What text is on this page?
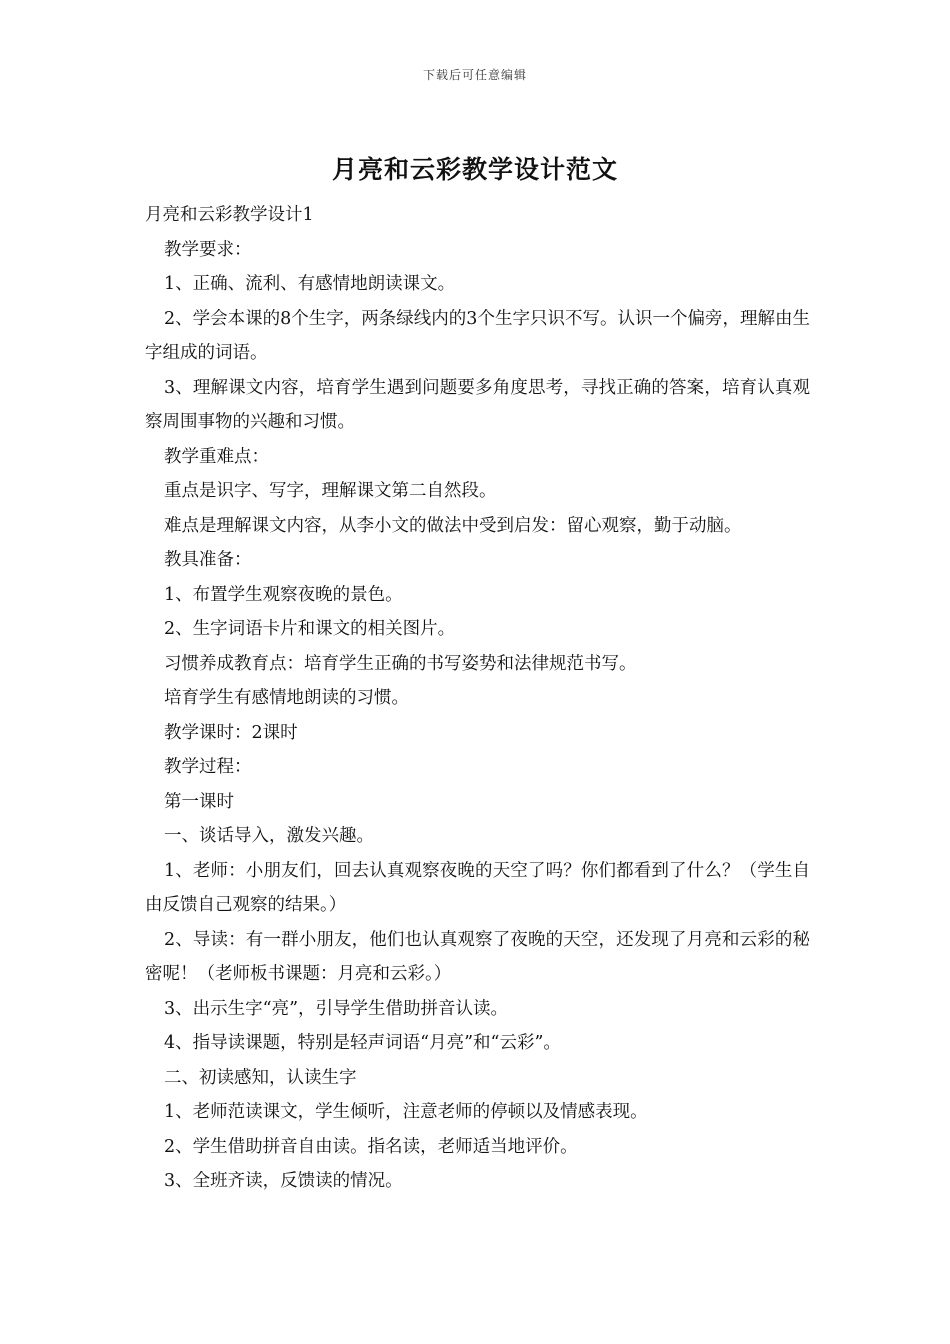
下载后可任意编辑
月亮和云彩教学设计范文

月亮和云彩教学设计1

教学要求：

1、正确、流利、有感情地朗读课文。

2、学会本课的8个生字，两条绿线内的3个生字只识不写。认识一个偏旁，理解由生字组成的词语。

3、理解课文内容，培育学生遇到问题要多角度思考，寻找正确的答案，培育认真观察周围事物的兴趣和习惯。

教学重难点：

重点是识字、写字，理解课文第二自然段。

难点是理解课文内容，从李小文的做法中受到启发：留心观察，勤于动脑。

教具准备：

1、布置学生观察夜晚的景色。

2、生字词语卡片和课文的相关图片。

习惯养成教育点：培育学生正确的书写姿势和法律规范书写。

培育学生有感情地朗读的习惯。

教学课时：2课时

教学过程：

第一课时

一、谈话导入，激发兴趣。

1、老师：小朋友们，回去认真观察夜晚的天空了吗？你们都看到了什么？（学生自由反馈自己观察的结果。）

2、导读：有一群小朋友，他们也认真观察了夜晚的天空，还发现了月亮和云彩的秘密呢！（老师板书课题：月亮和云彩。）

3、出示生字“亮”，引导学生借助拼音认读。

4、指导读课题，特别是轻声词语“月亮”和“云彩”。

二、初读感知，认读生字

1、老师范读课文，学生倾听，注意老师的停顿以及情感表现。

2、学生借助拼音自由读。指名读，老师适当地评价。

3、全班齐读，反馈读的情况。
